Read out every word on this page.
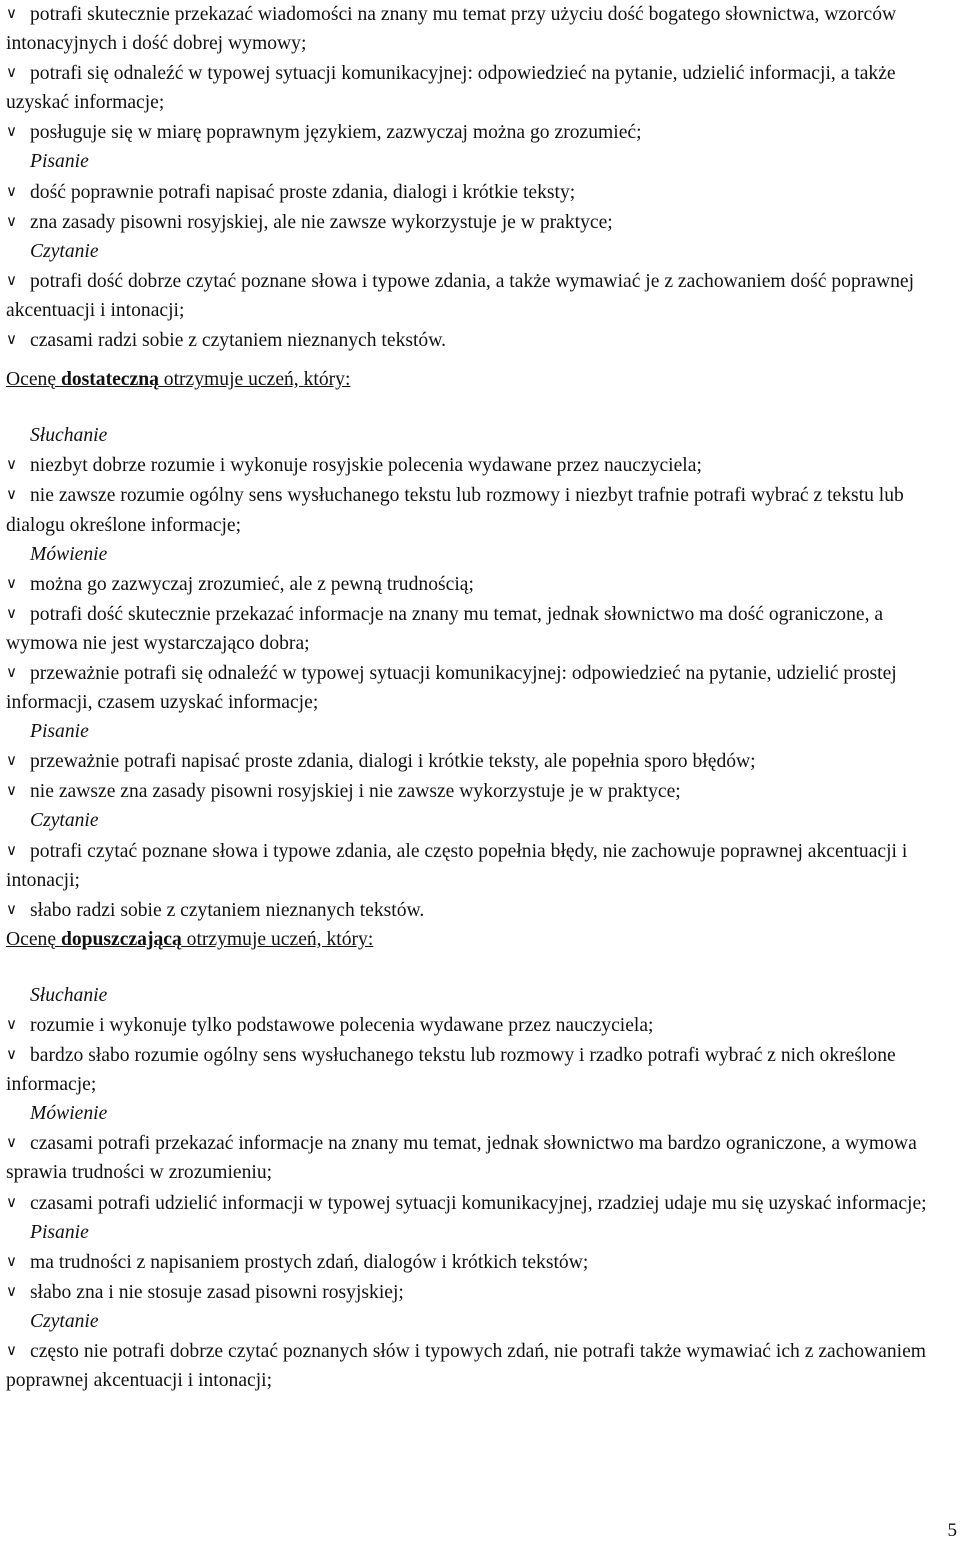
∨ potrafi skutecznie przekazać wiadomości na znany mu temat przy użyciu dość bogatego słownictwa, wzorców intonacyjnych i dość dobrej wymowy;

∨ potrafi się odnaleźć w typowej sytuacji komunikacyjnej: odpowiedzieć na pytanie, udzielić informacji, a także uzyskać informacje;

∨ posługuje się w miarę poprawnym językiem, zazwyczaj można go zrozumieć;

Pisanie

∨ dość poprawnie potrafi napisać proste zdania, dialogi i krótkie teksty;

∨ zna zasady pisowni rosyjskiej, ale nie zawsze wykorzystuje je w praktyce;

Czytanie

∨ potrafi dość dobrze czytać poznane słowa i typowe zdania, a także wymawiać je z zachowaniem dość poprawnej akcentuacji i intonacji;

∨ czasami radzi sobie z czytaniem nieznanych tekstów.

Ocenę dostateczną otrzymuje uczeń, który:

Słuchanie

∨ niezbyt dobrze rozumie i wykonuje rosyjskie polecenia wydawane przez nauczyciela;

∨ nie zawsze rozumie ogólny sens wysłuchanego tekstu lub rozmowy i niezbyt trafnie potrafi wybrać z tekstu lub dialogu określone informacje;

Mówienie

∨ można go zazwyczaj zrozumieć, ale z pewną trudnością;

∨ potrafi dość skutecznie przekazać informacje na znany mu temat, jednak słownictwo ma dość ograniczone, a wymowa nie jest wystarczająco dobra;

∨ przeważnie potrafi się odnaleźć w typowej sytuacji komunikacyjnej: odpowiedzieć na pytanie, udzielić prostej informacji, czasem uzyskać informacje;

Pisanie

∨ przeważnie potrafi napisać proste zdania, dialogi i krótkie teksty, ale popełnia sporo błędów;

∨ nie zawsze zna zasady pisowni rosyjskiej i nie zawsze wykorzystuje je w praktyce;

Czytanie

∨ potrafi czytać poznane słowa i typowe zdania, ale często popełnia błędy, nie zachowuje poprawnej akcentuacji i intonacji;

∨ słabo radzi sobie z czytaniem nieznanych tekstów.

Ocenę dopuszczającą otrzymuje uczeń, który:

Słuchanie

∨ rozumie i wykonuje tylko podstawowe polecenia wydawane przez nauczyciela;

∨ bardzo słabo rozumie ogólny sens wysłuchanego tekstu lub rozmowy i rzadko potrafi wybrać z nich określone informacje;

Mówienie

∨ czasami potrafi przekazać informacje na znany mu temat, jednak słownictwo ma bardzo ograniczone, a wymowa sprawia trudności w zrozumieniu;

∨ czasami potrafi udzielić informacji w typowej sytuacji komunikacyjnej, rzadziej udaje mu się uzyskać informacje;

Pisanie

∨ ma trudności z napisaniem prostych zdań, dialogów i krótkich tekstów;

∨ słabo zna i nie stosuje zasad pisowni rosyjskiej;

Czytanie

∨ często nie potrafi dobrze czytać poznanych słów i typowych zdań, nie potrafi także wymawiać ich z zachowaniem poprawnej akcentuacji i intonacji;

5
